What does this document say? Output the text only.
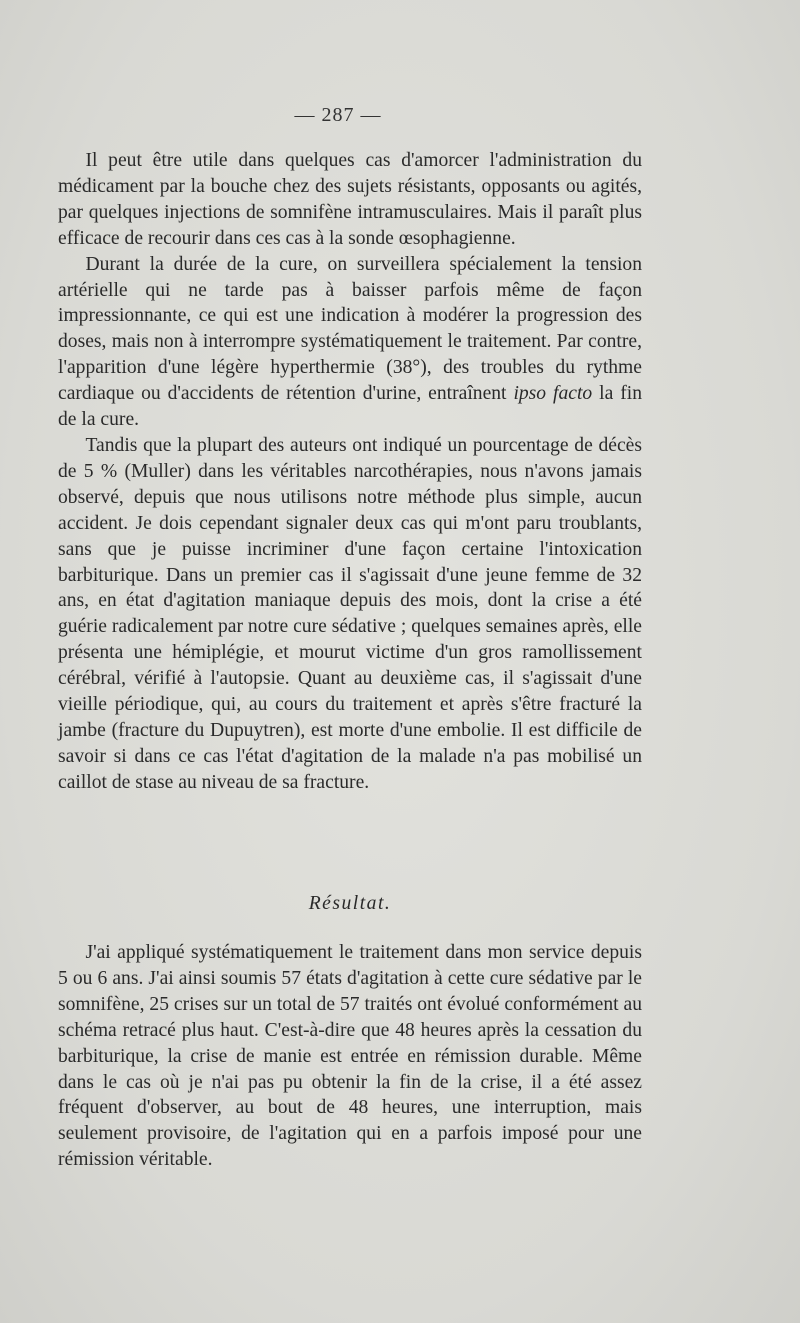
— 287 —

Il peut être utile dans quelques cas d'amorcer l'administration du médicament par la bouche chez des sujets résistants, opposants ou agités, par quelques injections de somnifène intramusculaires. Mais il paraît plus efficace de recourir dans ces cas à la sonde œsophagienne.

Durant la durée de la cure, on surveillera spécialement la tension artérielle qui ne tarde pas à baisser parfois même de façon impressionnante, ce qui est une indication à modérer la progression des doses, mais non à interrompre systématiquement le traitement. Par contre, l'apparition d'une légère hyperthermie (38°), des troubles du rythme cardiaque ou d'accidents de rétention d'urine, entraînent ipso facto la fin de la cure.

Tandis que la plupart des auteurs ont indiqué un pourcentage de décès de 5 % (Muller) dans les véritables narcothérapies, nous n'avons jamais observé, depuis que nous utilisons notre méthode plus simple, aucun accident. Je dois cependant signaler deux cas qui m'ont paru troublants, sans que je puisse incriminer d'une façon certaine l'intoxication barbiturique. Dans un premier cas il s'agissait d'une jeune femme de 32 ans, en état d'agitation maniaque depuis des mois, dont la crise a été guérie radicalement par notre cure sédative ; quelques semaines après, elle présenta une hémiplégie, et mourut victime d'un gros ramollissement cérébral, vérifié à l'autopsie. Quant au deuxième cas, il s'agissait d'une vieille périodique, qui, au cours du traitement et après s'être fracturé la jambe (fracture du Dupuytren), est morte d'une embolie. Il est difficile de savoir si dans ce cas l'état d'agitation de la malade n'a pas mobilisé un caillot de stase au niveau de sa fracture.

Résultat.

J'ai appliqué systématiquement le traitement dans mon service depuis 5 ou 6 ans. J'ai ainsi soumis 57 états d'agitation à cette cure sédative par le somnifène, 25 crises sur un total de 57 traités ont évolué conformément au schéma retracé plus haut. C'est-à-dire que 48 heures après la cessation du barbiturique, la crise de manie est entrée en rémission durable. Même dans le cas où je n'ai pas pu obtenir la fin de la crise, il a été assez fréquent d'observer, au bout de 48 heures, une interruption, mais seulement provisoire, de l'agitation qui en a parfois imposé pour une rémission véritable.
